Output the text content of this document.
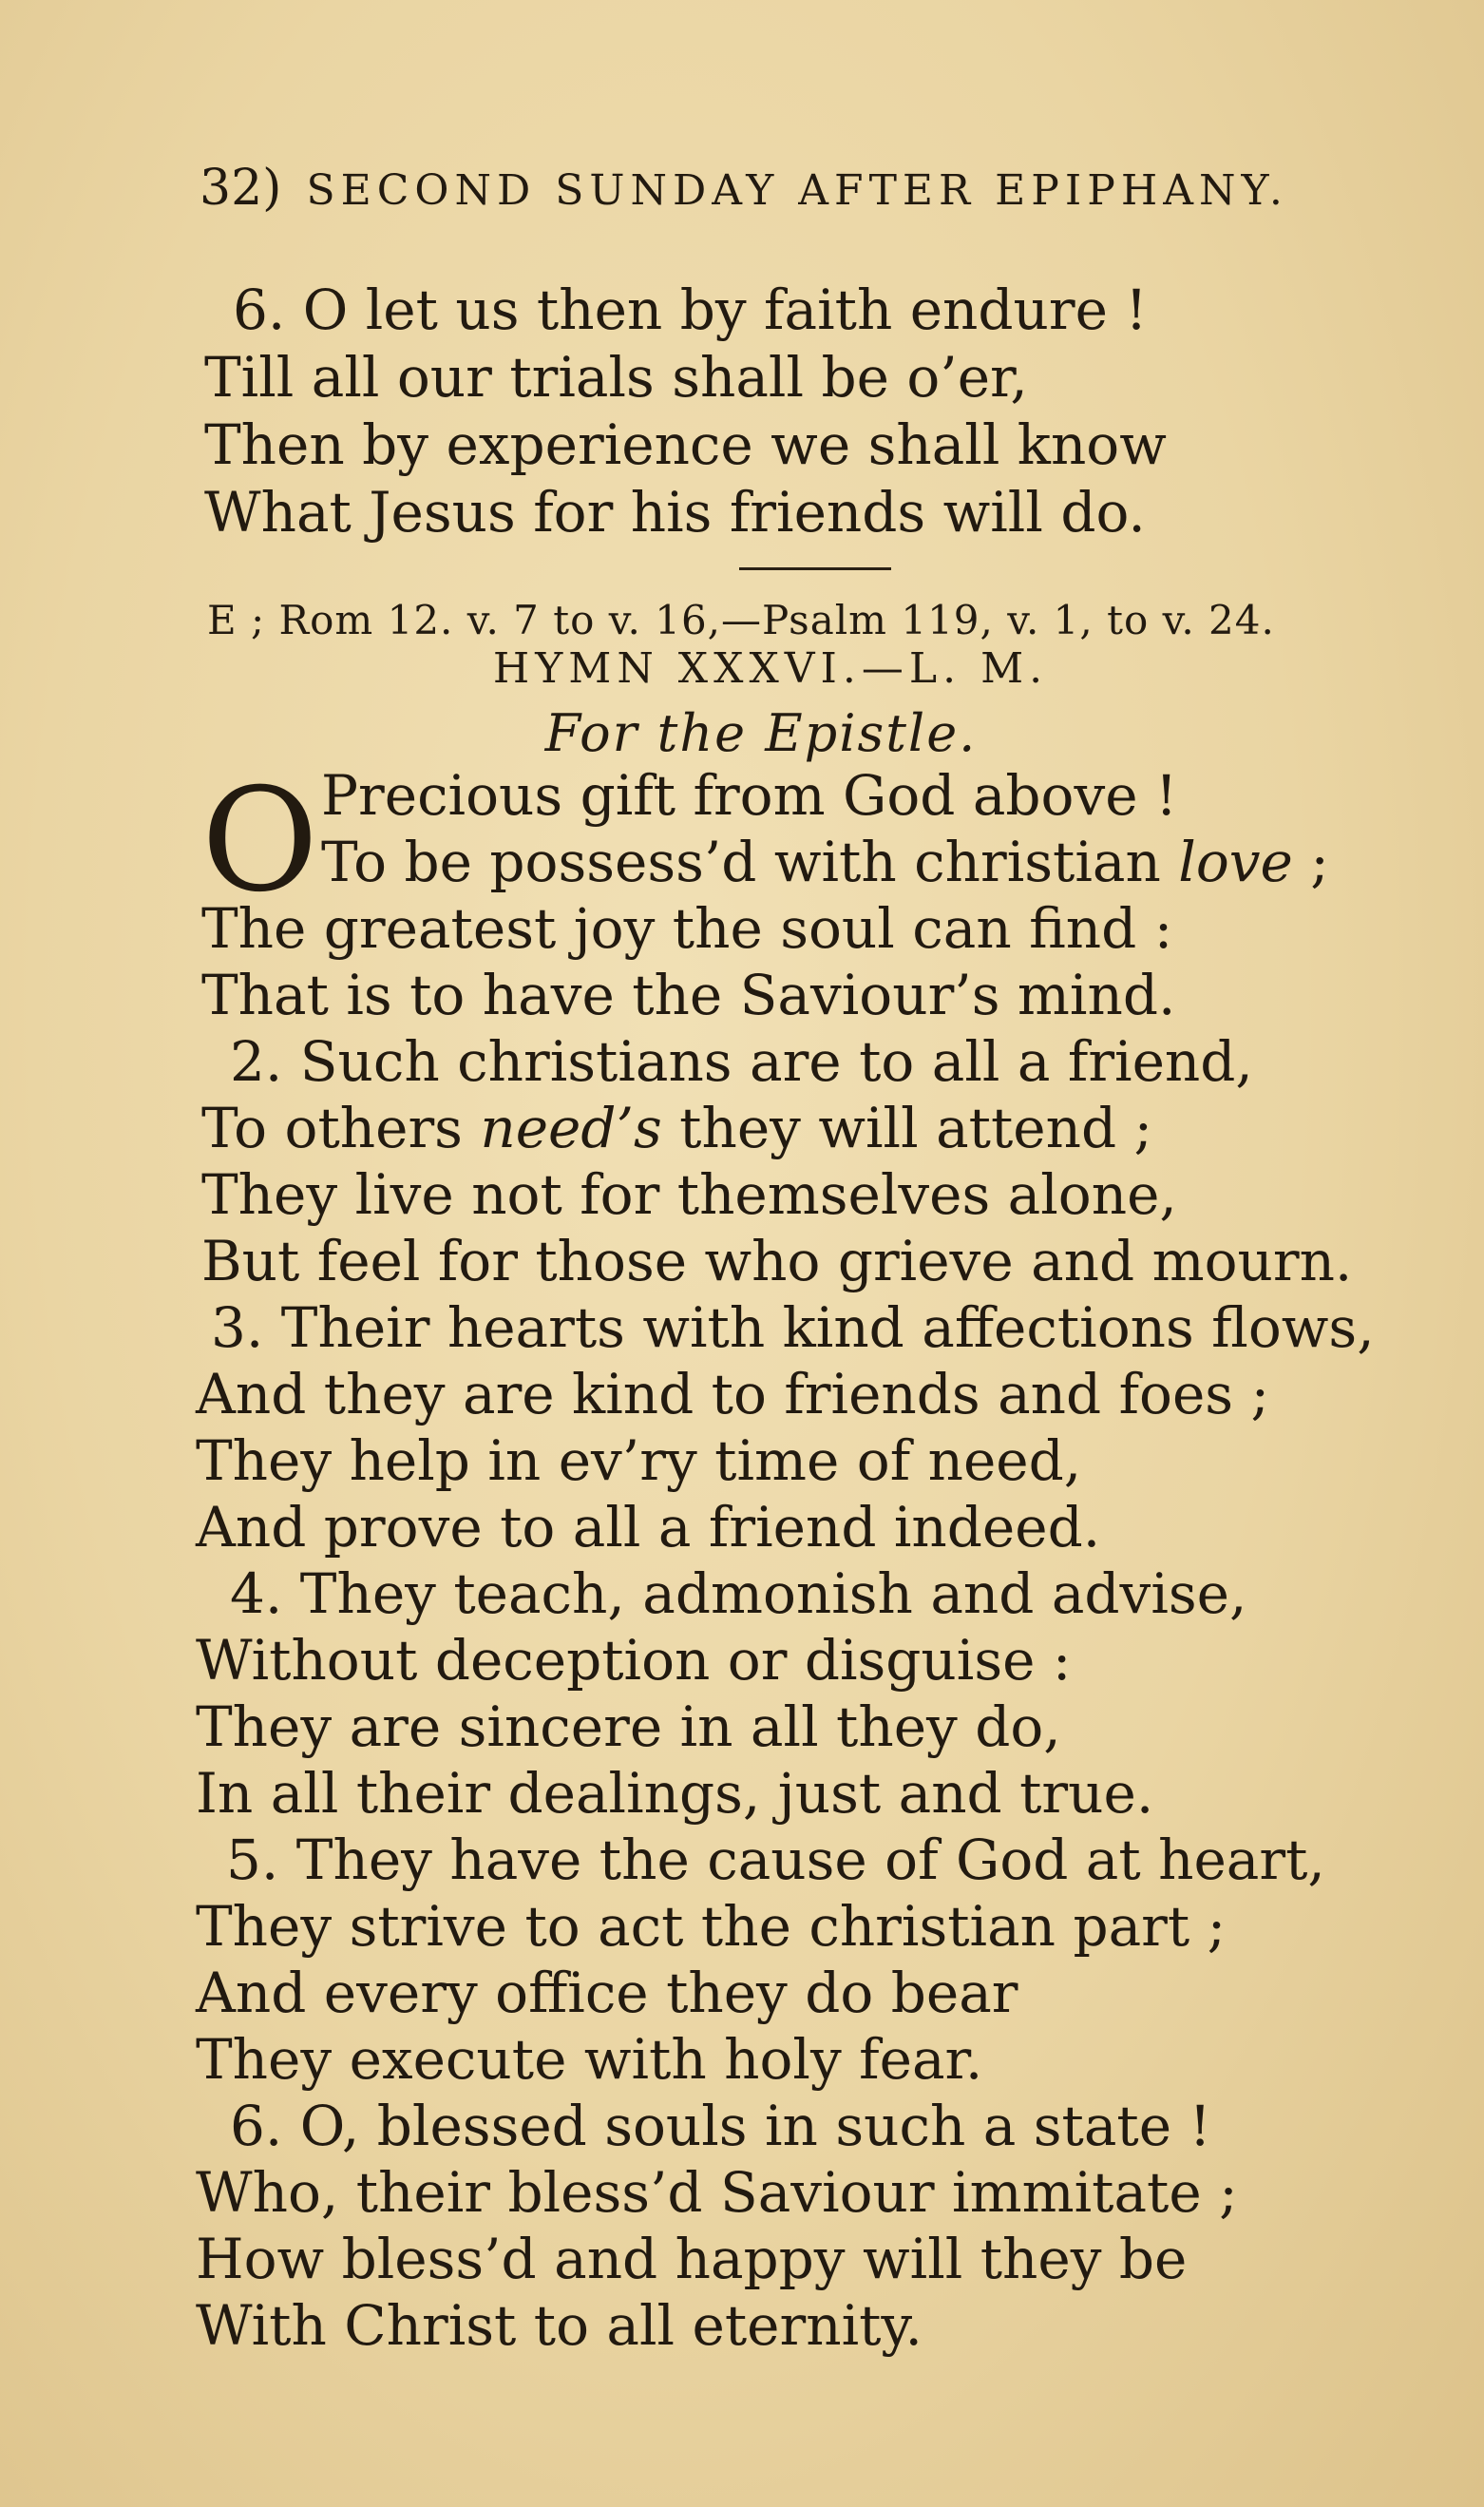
32) SECOND SUNDAY AFTER EPIPHANY.
6. O let us then by faith endure !
Till all our trials shall be o’er,
Then by experience we shall know
What Jesus for his friends will do.
E ; Rom 12. v. 7 to v. 16,—Psalm 119, v. 1, to v. 24.
HYMN XXXVI.—L. M.
For the Epistle.
O Precious gift from God above !
To be possess’d with christian love ;
The greatest joy the soul can find :
That is to have the Saviour’s mind.
2. Such christians are to all a friend,
To others need’s they will attend ;
They live not for themselves alone,
But feel for those who grieve and mourn.
3. Their hearts with kind affections flows,
And they are kind to friends and foes ;
They help in ev’ry time of need,
And prove to all a friend indeed.
4. They teach, admonish and advise,
Without deception or disguise :
They are sincere in all they do,
In all their dealings, just and true.
5. They have the cause of God at heart,
They strive to act the christian part ;
And every office they do bear
They execute with holy fear.
6. O, blessed souls in such a state !
Who, their bless’d Saviour immitate ;
How bless’d and happy will they be
With Christ to all eternity.
